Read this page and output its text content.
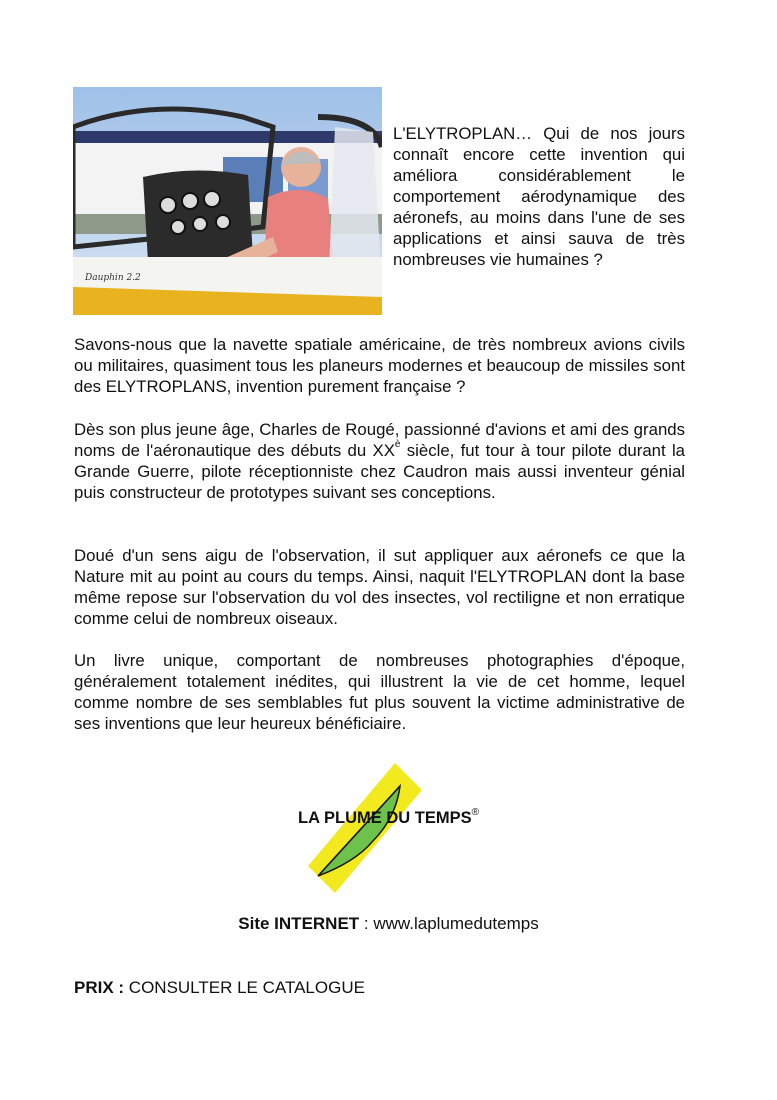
Dauphin 2.2

L'ELYTROPLAN… Qui de nos jours connaît encore cette invention qui améliora considérablement le comportement aérodynamique des aéronefs, au moins dans l'une de ses applications et ainsi sauva de très nombreuses vie humaines ?

Savons-nous que la navette spatiale américaine, de très nombreux avions civils ou militaires, quasiment tous les planeurs modernes et beaucoup de missiles sont des ELYTROPLANS, invention purement française ?

Dès son plus jeune âge, Charles de Rougé, passionné d'avions et ami des grands noms de l'aéronautique des débuts du $XX^è$ siècle, fut tour à tour pilote durant la Grande Guerre, pilote réceptionniste chez Caudron mais aussi inventeur génial puis constructeur de prototypes suivant ses conceptions.

Doué d'un sens aigu de l'observation, il sut appliquer aux aéronefs ce que la Nature mit au point au cours du temps. Ainsi, naquit l'ELYTROPLAN dont la base même repose sur l'observation du vol des insectes, vol rectiligne et non erratique comme celui de nombreux oiseaux.

Un livre unique, comportant de nombreuses photographies d'époque, généralement totalement inédites, qui illustrent la vie de cet homme, lequel comme nombre de ses semblables fut plus souvent la victime administrative de ses inventions que leur heureux bénéficiaire.

LA PLUME DU TEMPS®
Site INTERNET : www.laplumedutemps
PRIX : CONSULTER LE CATALOGUE
